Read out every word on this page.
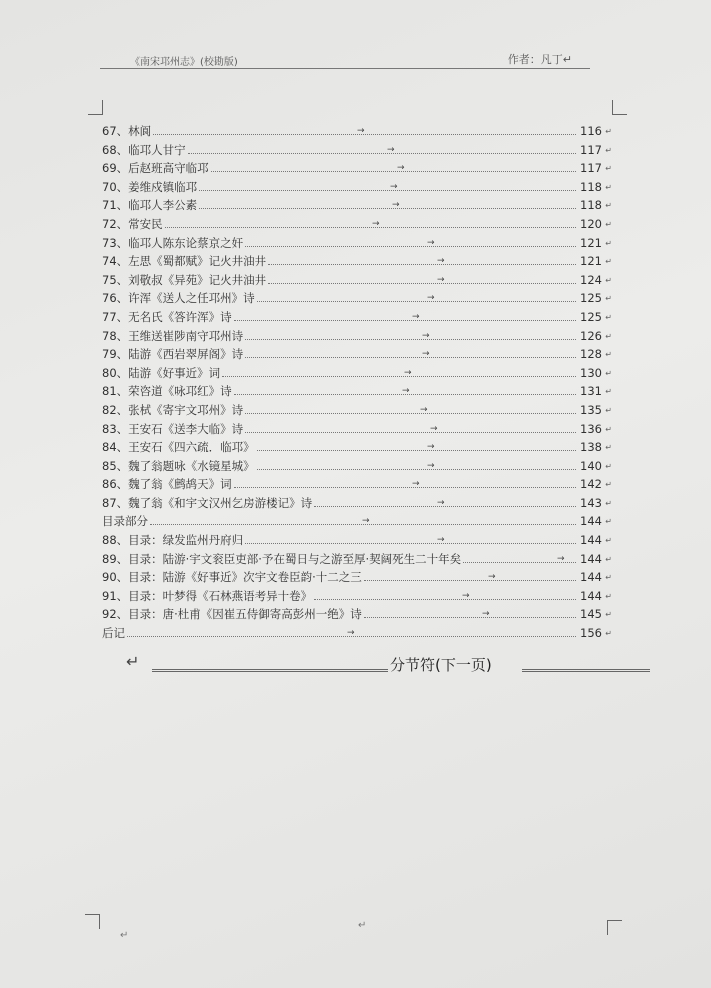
《南宋邛州志》(校勘版)	作者：凡丁↵
67、林阆	→	116 ↵
68、临邛人甘宁	→	117 ↵
69、后赵班高守临邛	→	117 ↵
70、姜维戍镇临邛	→	118 ↵
71、临邛人李公素	→	118 ↵
72、常安民	→	120 ↵
73、临邛人陈东论蔡京之奸	→	121 ↵
74、左思《蜀都赋》记火井油井	→	121 ↵
75、刘敬叔《异苑》记火井油井	→	124 ↵
76、许浑《送人之任邛州》诗	→	125 ↵
77、无名氏《答许浑》诗	→	125 ↵
78、王维送崔陟南守邛州诗	→	126 ↵
79、陆游《西岩翠屏阁》诗	→	128 ↵
80、陆游《好事近》词	→	130 ↵
81、荣咨道《咏邛红》诗	→	131 ↵
82、张栻《寄宇文邛州》诗	→	135 ↵
83、王安石《送李大临》诗	→	136 ↵
84、王安石《四六疏．临邛》	→	138 ↵
85、魏了翁题咏《水镜星城》	→	140 ↵
86、魏了翁《鹧鸪天》词	→	142 ↵
87、魏了翁《和宇文汉州乞房游楼记》诗	→	143 ↵
目录部分	→	144 ↵
88、目录：绿发监州丹府归	→	144 ↵
89、目录：陆游·宇文衮臣吏部·予在蜀日与之游至厚·契阔死生二十年矣	→ 144 ↵
90、目录：陆游《好事近》次宇文卷臣韵·十二之三	→	144 ↵
91、目录：叶梦得《石林燕语考异十卷》	→	144 ↵
92、目录：唐·杜甫《因崔五侍御寄高彭州一绝》诗	→	145 ↵
后记	→	156 ↵
↵	分节符(下一页)
↵
↵
